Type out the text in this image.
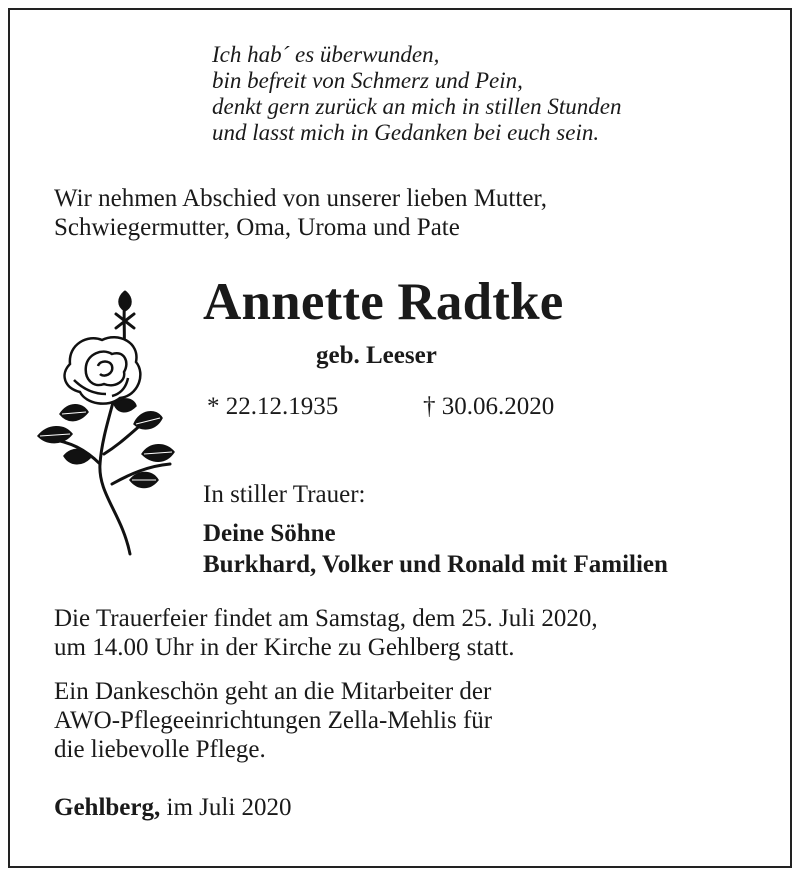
Ich hab´ es überwunden,
bin befreit von Schmerz und Pein,
denkt gern zurück an mich in stillen Stunden
und lasst mich in Gedanken bei euch sein.
Wir nehmen Abschied von unserer lieben Mutter,
Schwiegermutter, Oma, Uroma und Pate
Annette Radtke
geb. Leeser
* 22.12.1935	† 30.06.2020
In stiller Trauer:
Deine Söhne
Burkhard, Volker und Ronald mit Familien
Die Trauerfeier findet am Samstag, dem 25. Juli 2020,
um 14.00 Uhr in der Kirche zu Gehlberg statt.
Ein Dankeschön geht an die Mitarbeiter der
AWO-Pflegeeinrichtungen Zella-Mehlis für
die liebevolle Pflege.
Gehlberg, im Juli 2020
